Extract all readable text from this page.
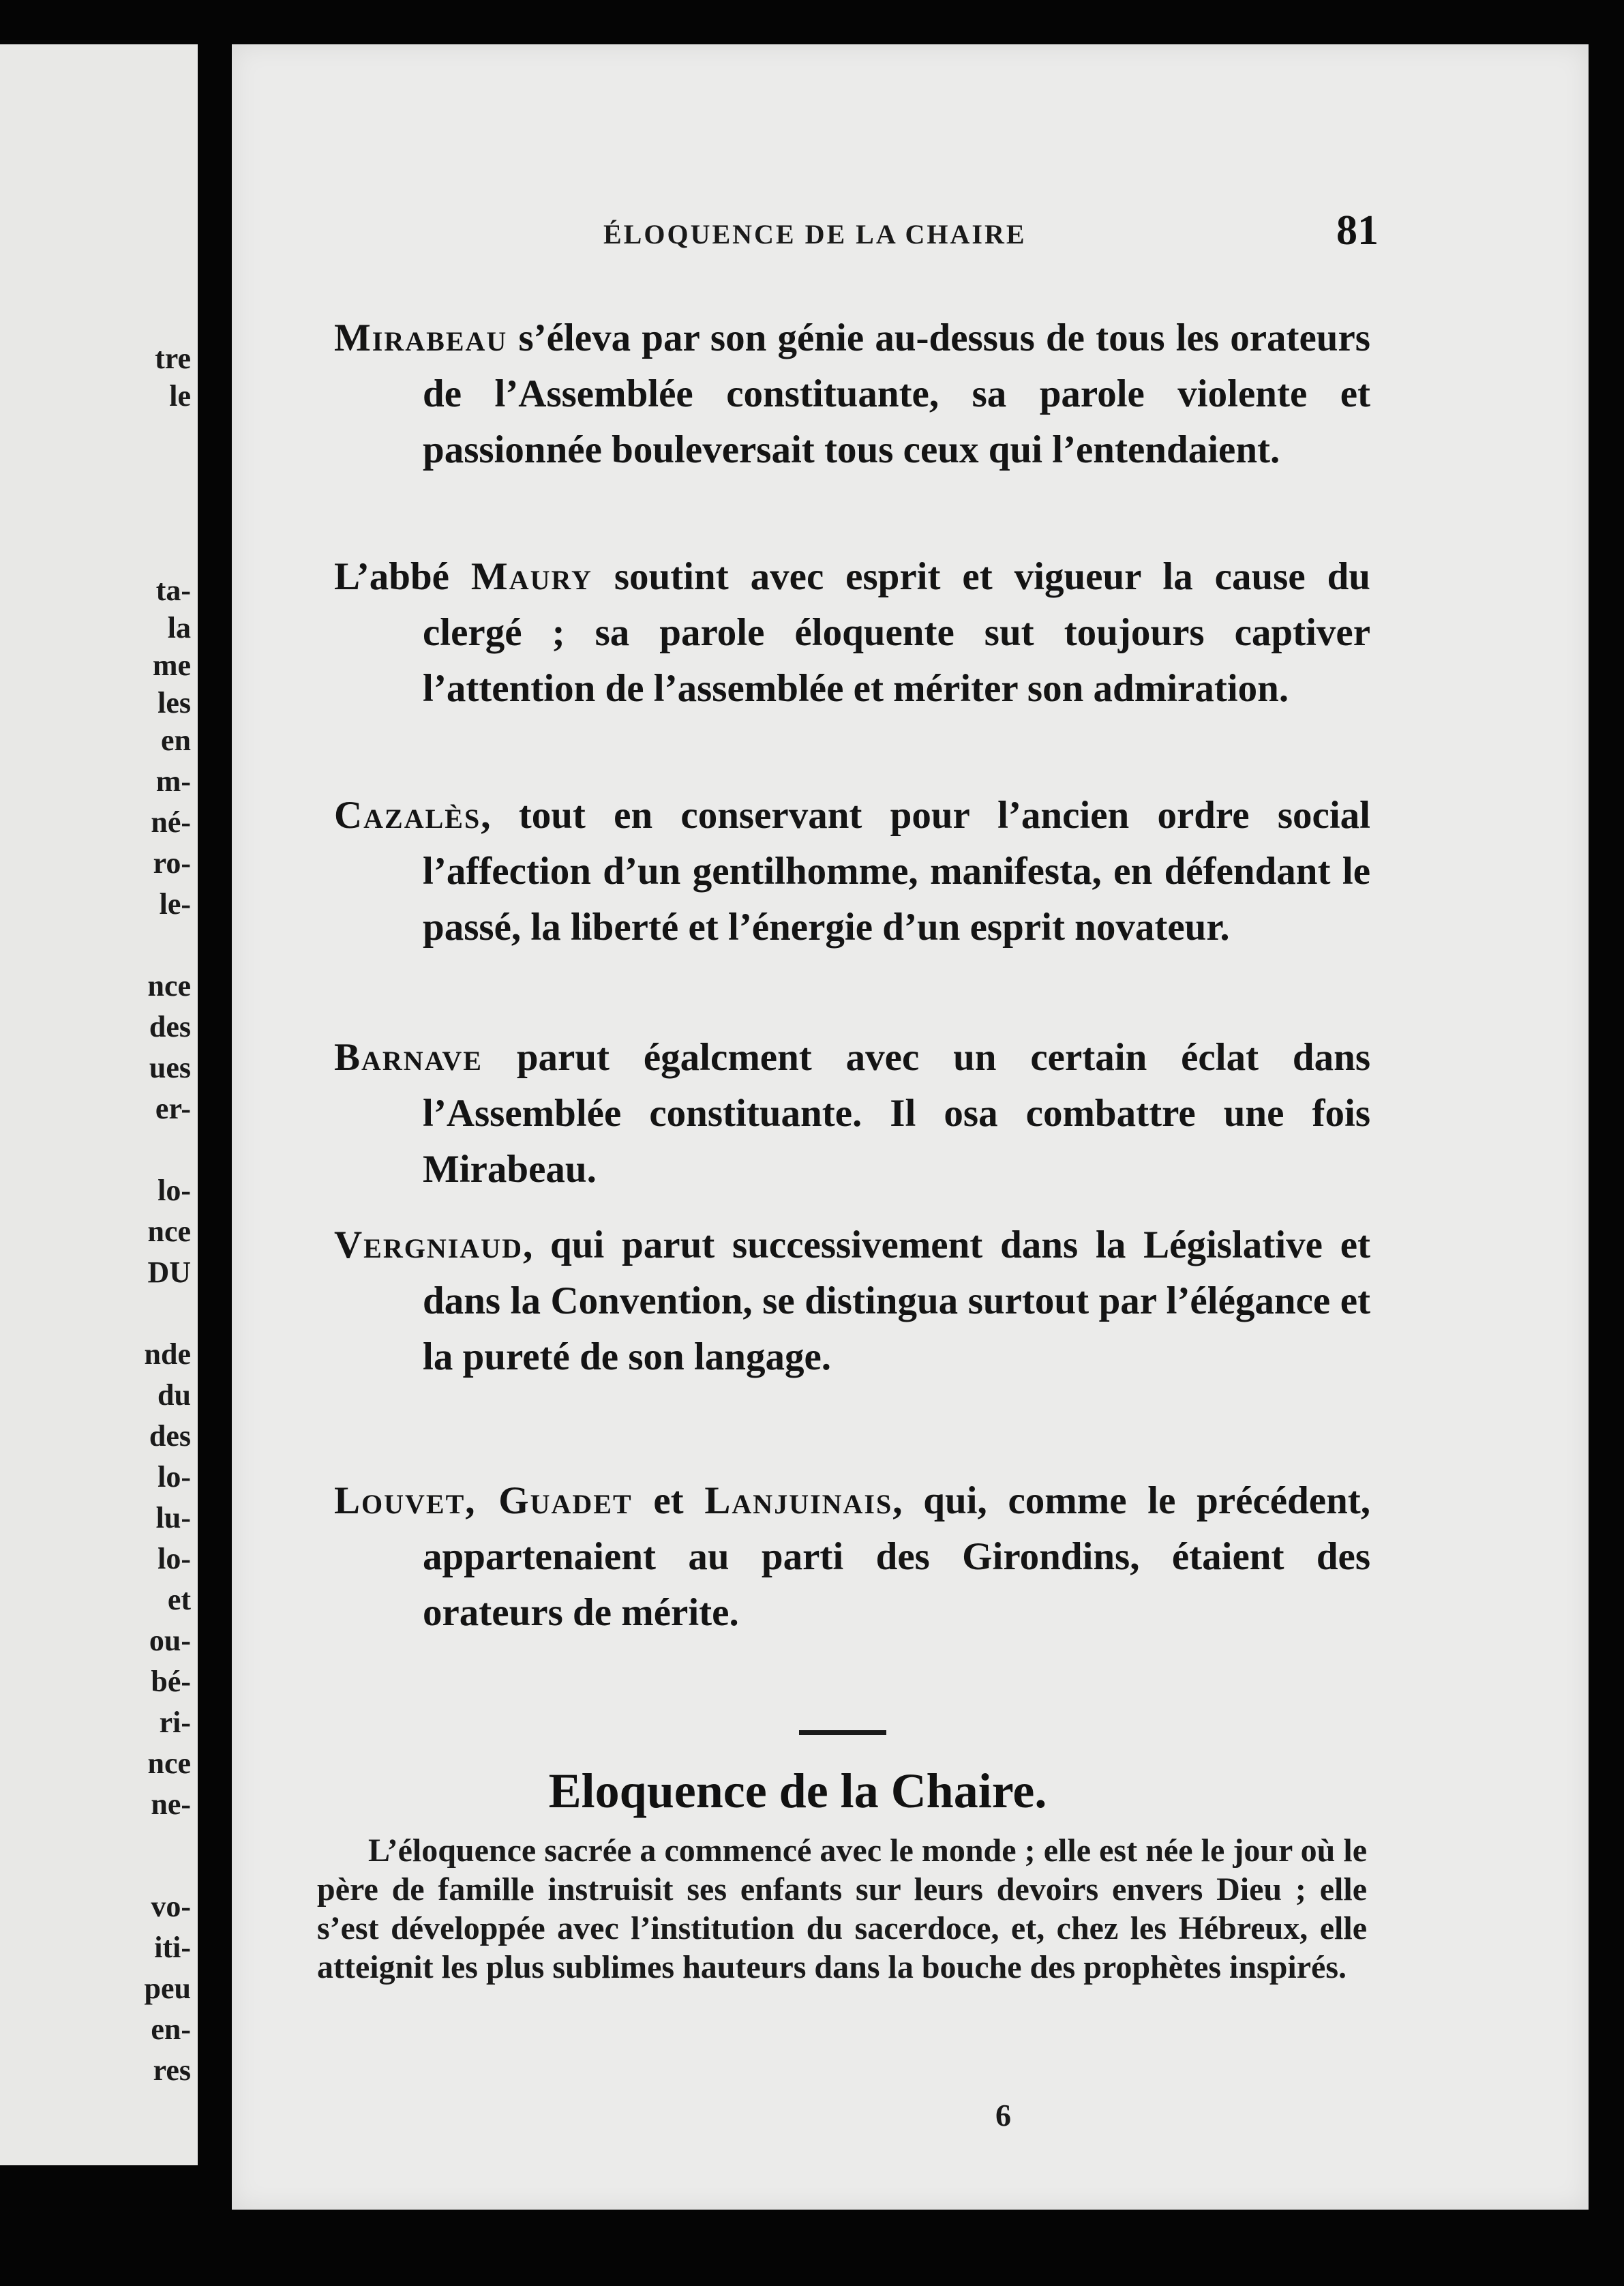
tre
le
ta-
la
me
les
en
m-
né-
ro-
le-
nce
des
ues
er-
lo-
nce
DU
nde
du
des
lo-
lu-
lo-
et
ou-
bé-
ri-
nce
ne-
vo-
iti-
peu
en-
res
ÉLOQUENCE DE LA CHAIRE	81
Mirabeau s’éleva par son génie au-dessus de tous les orateurs de l’Assemblée constituante, sa parole violente et passionnée bouleversait tous ceux qui l’entendaient.
L’abbé Maury soutint avec esprit et vigueur la cause du clergé ; sa parole éloquente sut toujours captiver l’attention de l’assemblée et mériter son admiration.
Cazalès, tout en conservant pour l’ancien ordre social l’affection d’un gentilhomme, manifesta, en défendant le passé, la liberté et l’énergie d’un esprit novateur.
Barnave parut égalcment avec un certain éclat dans l’Assemblée constituante. Il osa combattre une fois Mirabeau.
Vergniaud, qui parut successivement dans la Législative et dans la Convention, se distingua surtout par l’élégance et la pureté de son langage.
Louvet, Guadet et Lanjuinais, qui, comme le précédent, appartenaient au parti des Girondins, étaient des orateurs de mérite.
Eloquence de la Chaire.
L’éloquence sacrée a commencé avec le monde ; elle est née le jour où le père de famille instruisit ses enfants sur leurs devoirs envers Dieu ; elle s’est développée avec l’institution du sacerdoce, et, chez les Hébreux, elle atteignit les plus sublimes hauteurs dans la bouche des prophètes inspirés.
6
